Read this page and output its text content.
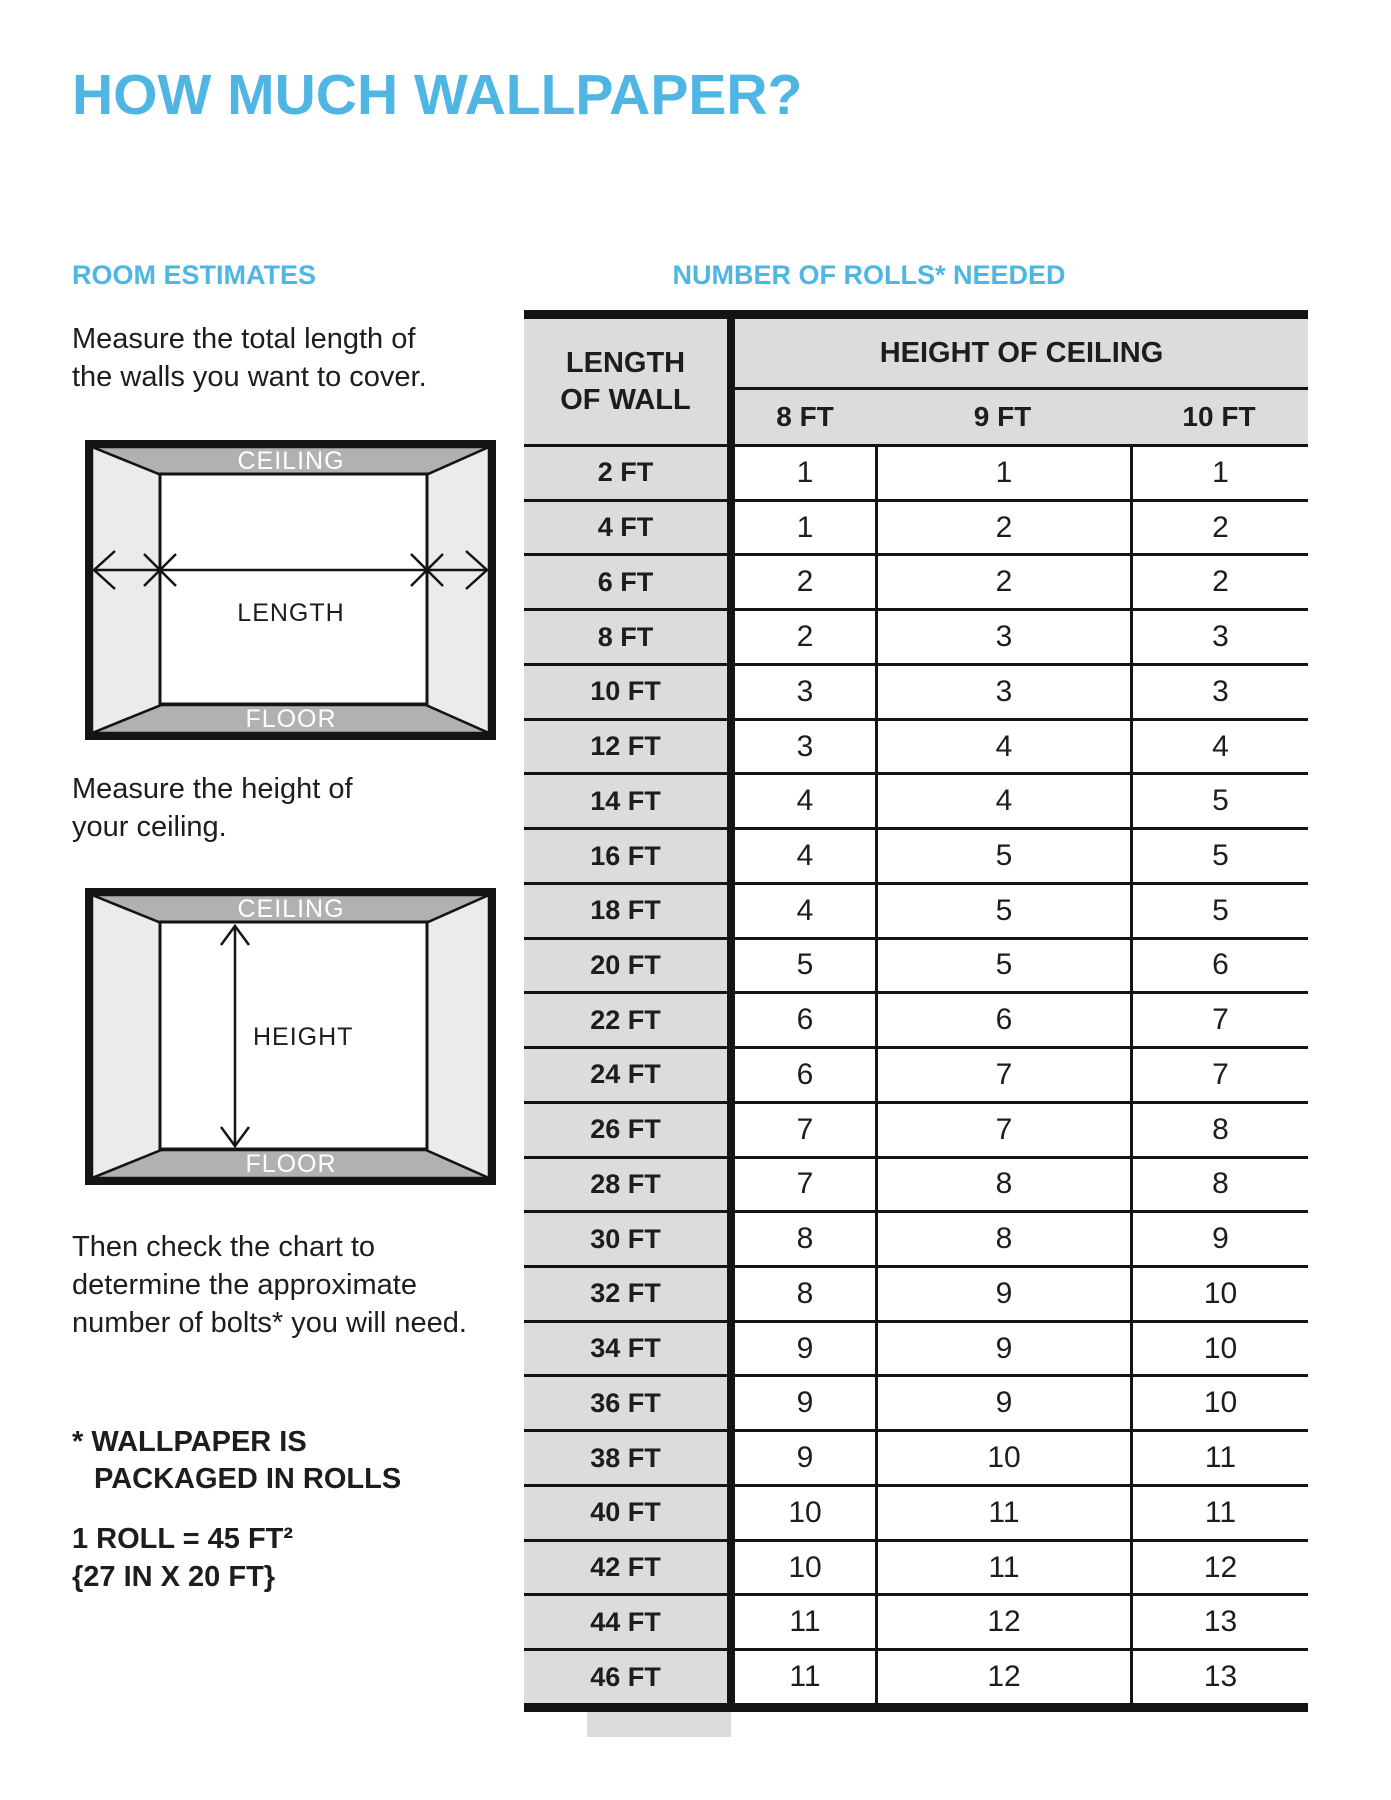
HOW MUCH WALLPAPER?
ROOM ESTIMATES	NUMBER OF ROLLS* NEEDED
Measure the total length of
the walls you want to cover.
CEILING
LENGTH
FLOOR
Measure the height of
your ceiling.
CEILING
HEIGHT
FLOOR
Then check the chart to
determine the approximate
number of bolts* you will need.
* WALLPAPER IS
PACKAGED IN ROLLS
1 ROLL = 45 FT²
{27 IN X 20 FT}
LENGTH
OF WALL
HEIGHT OF CEILING
8 FT	9 FT	10 FT
2 FT	1	1	1
4 FT	1	2	2
6 FT	2	2	2
8 FT	2	3	3
10 FT	3	3	3
12 FT	3	4	4
14 FT	4	4	5
16 FT	4	5	5
18 FT	4	5	5
20 FT	5	5	6
22 FT	6	6	7
24 FT	6	7	7
26 FT	7	7	8
28 FT	7	8	8
30 FT	8	8	9
32 FT	8	9	10
34 FT	9	9	10
36 FT	9	9	10
38 FT	9	10	11
40 FT	10	11	11
42 FT	10	11	12
44 FT	11	12	13
46 FT	11	12	13
